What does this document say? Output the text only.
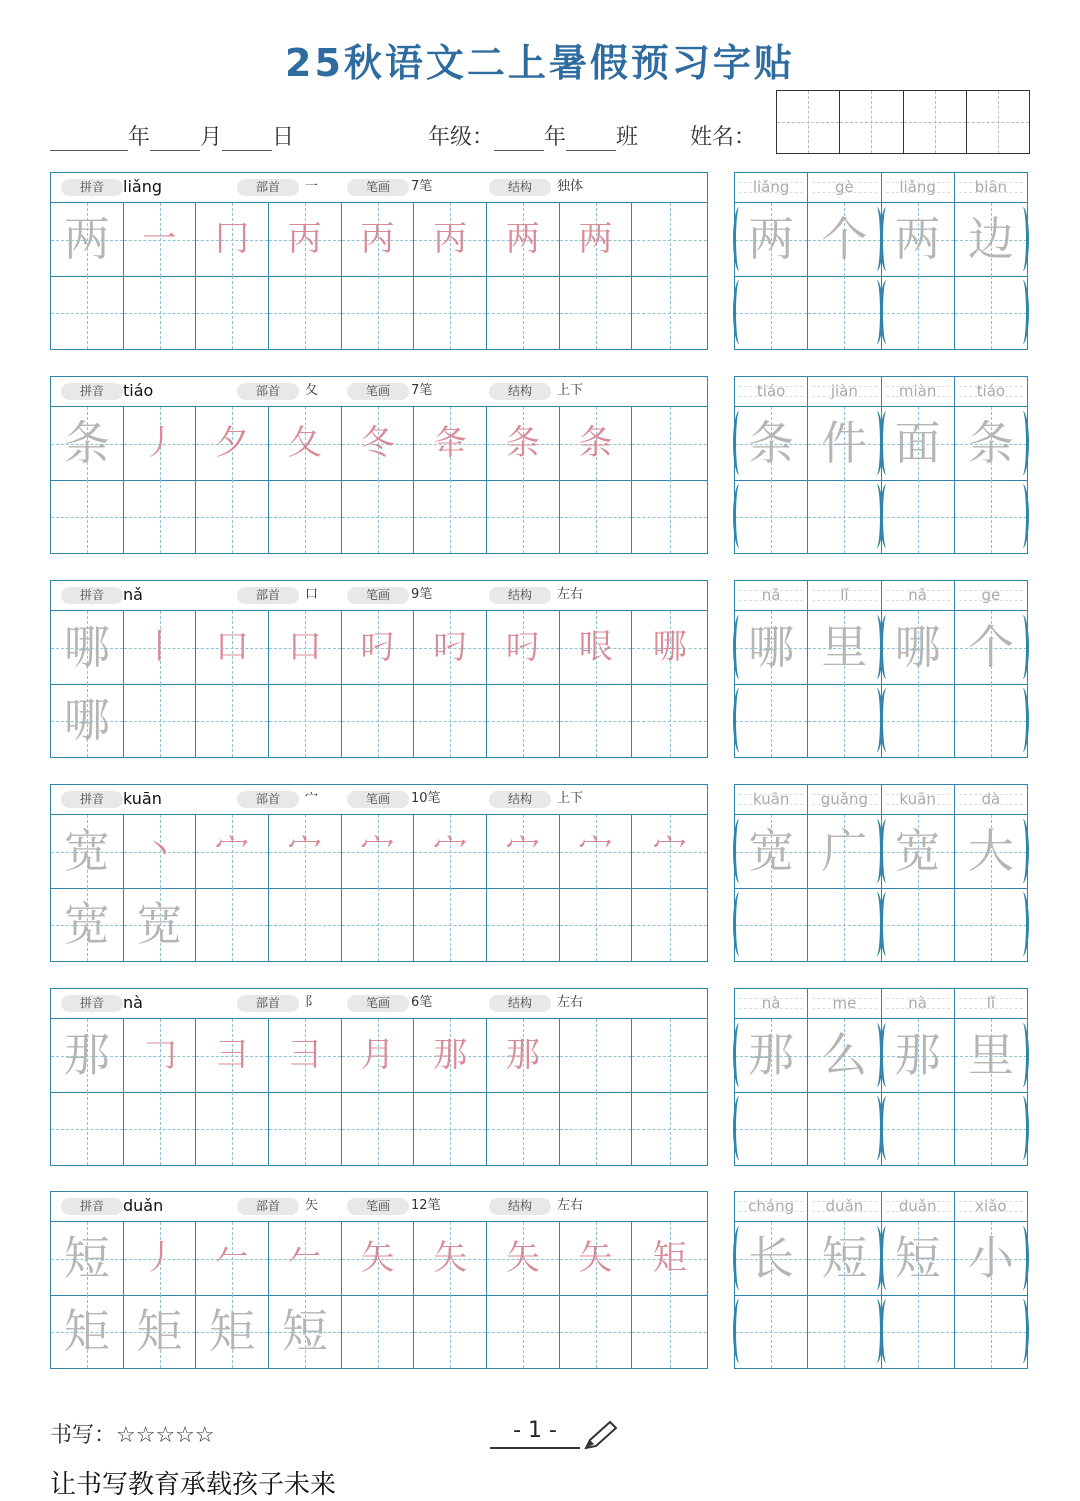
25秋语文二上暑假预习字贴
年 月 日	年级： 年 班 姓名：
拼音	liǎng	部首	一	笔画	7笔	结构	独体
两 一	冂	丙	丙	丙	两	两
liǎng	gè	liǎng	biān
两 个 两 边
拼音	tiáo	部首	夂	笔画	7笔	结构	上下
条 丿	夕	夂	冬	夅	条	条
tiáo	jiàn	miàn	tiáo
条 件 面 条
拼音	nǎ	部首	口	笔画	9笔	结构	左右
哪 丨	口	口	叼	叼	叼	哏	哪
哪
nǎ	lǐ	nǎ	ge
哪 里 哪 个
拼音	kuān	部首	宀	笔画	10笔	结构	上下
宽 丶	宀	宀	宀	宀	宀	宀	宀
宽 宽
kuān	guǎng	kuān	dà
宽 广 宽 大
拼音	nà	部首	阝	笔画	6笔	结构	左右
那 𠃌	彐	彐	月	那	那
nà	me	nà	lǐ
那 么 那 里
拼音	duǎn	部首	矢	笔画	12笔	结构	左右
短 丿	𠂉	𠂉	矢	矢	矢	矢	矩
矩 矩 矩 短
cháng	duǎn	duǎn	xiǎo
长 短 短 小
书写：☆☆☆☆☆	- 1 -
让书写教育承载孩子未来
